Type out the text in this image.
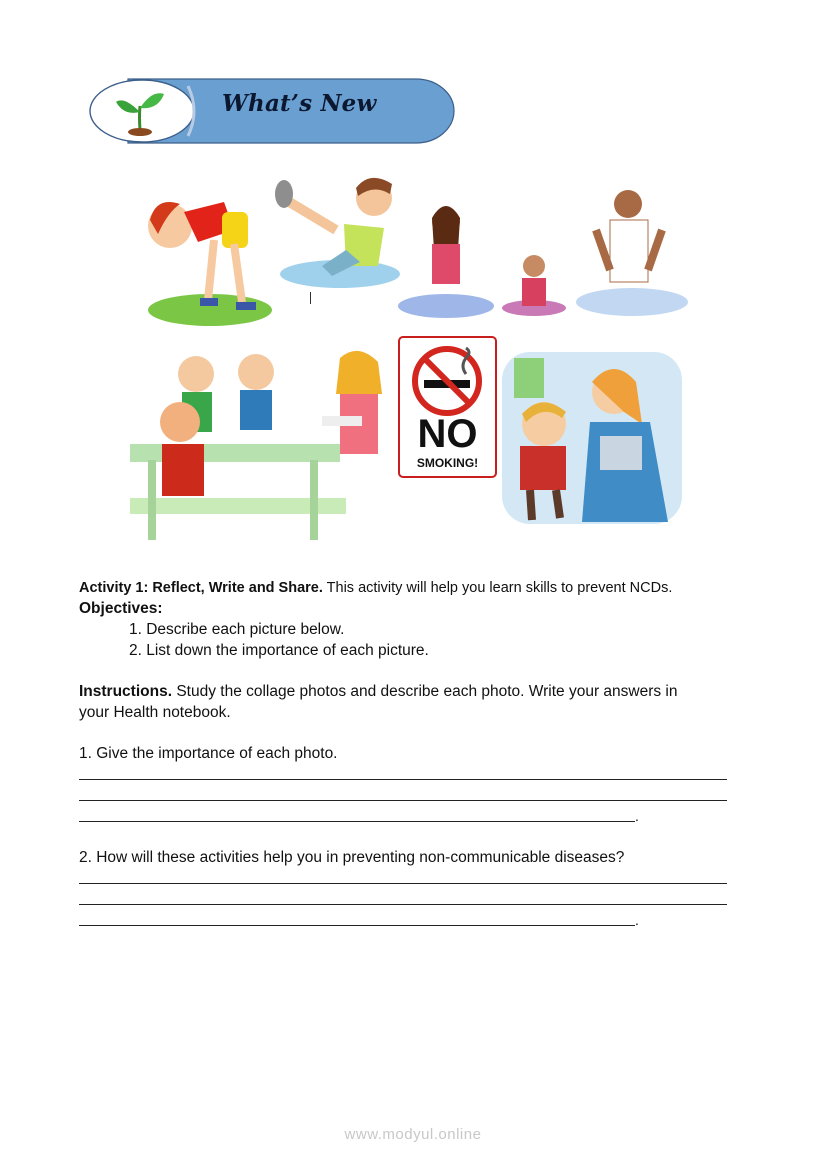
What’s New
NO
SMOKING!
Activity 1: Reflect, Write and Share. This activity will help you learn skills to prevent NCDs.
Objectives:
1. Describe each picture below.
2. List down the importance of each picture.
Instructions. Study the collage photos and describe each photo. Write your answers in
your Health notebook.
1. Give the importance of each photo.
.
2. How will these activities help you in preventing non-communicable diseases?
.
www.modyul.online
